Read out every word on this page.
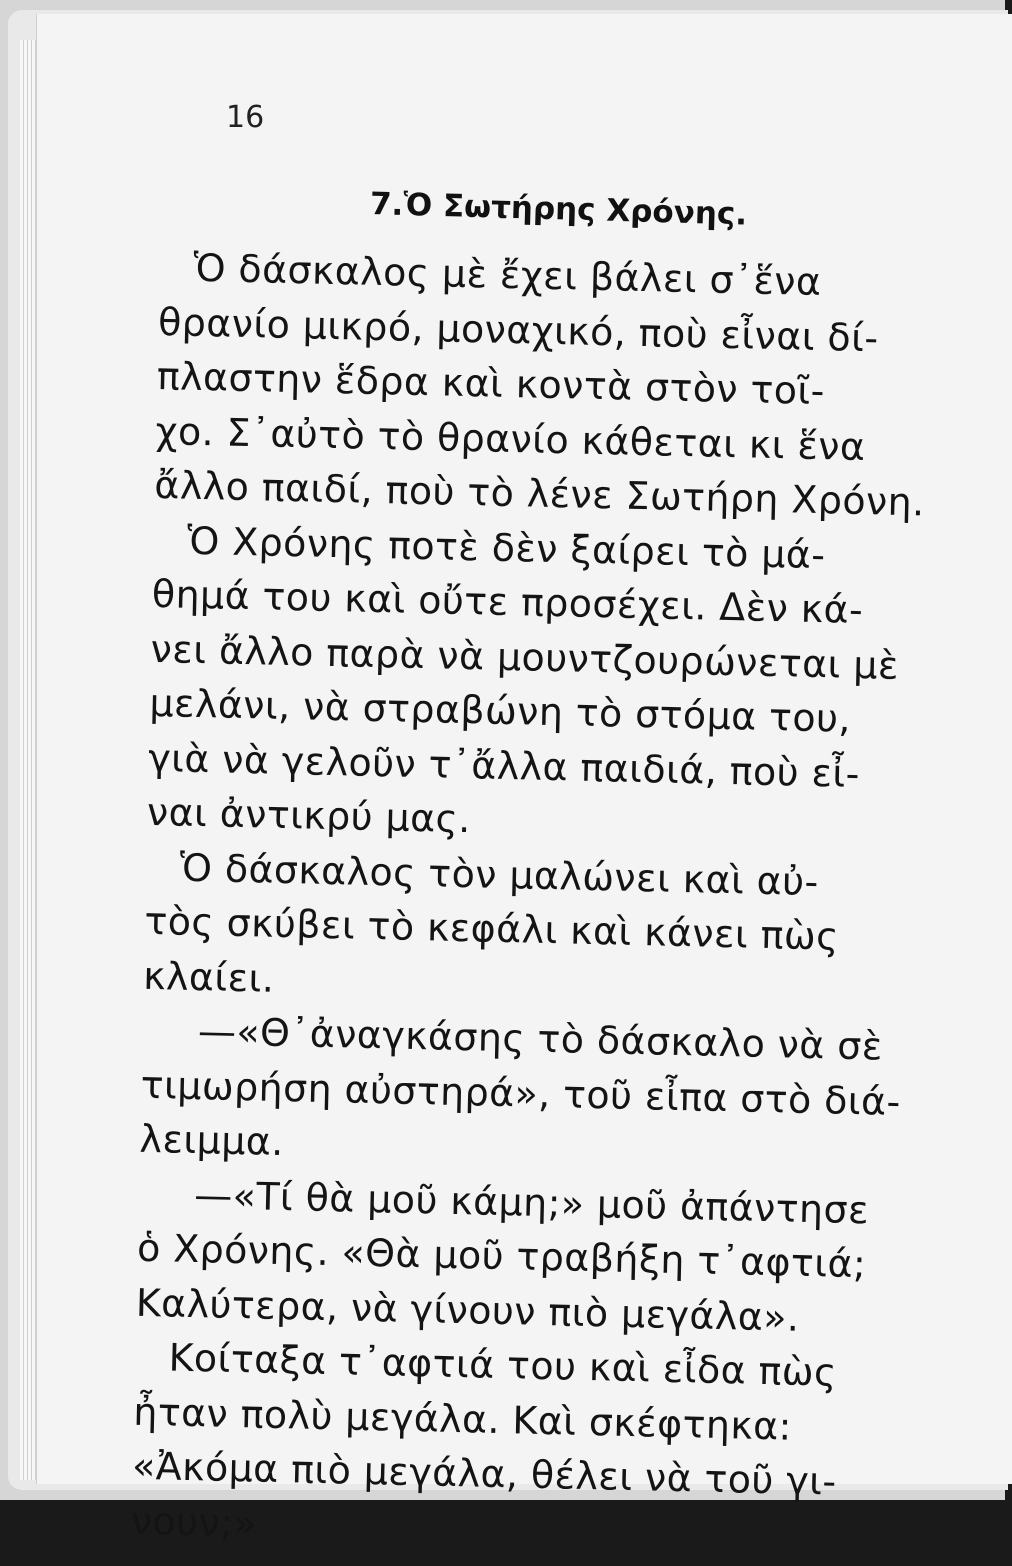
16
7.Ὁ Σωτήρης Χρόνης.
Ὁ δάσκαλος μὲ ἔχει βάλει σ᾽ἕνα
θρανίο μικρό, μοναχικό, ποὺ εἶναι δί-
πλαστην ἕδρα καὶ κοντὰ στὸν τοῖ-
χο. Σ᾽αὐτὸ τὸ θρανίο κάθεται κι ἕνα
ἄλλο παιδί, ποὺ τὸ λένε Σωτήρη Χρόνη.
Ὁ Χρόνης ποτὲ δὲν ξαίρει τὸ μά-
θημά του καὶ οὔτε προσέχει. Δὲν κά-
νει ἄλλο παρὰ νὰ μουντζουρώνεται μὲ
μελάνι, νὰ στραβώνη τὸ στόμα του,
γιὰ νὰ γελοῦν τ᾽ἄλλα παιδιά, ποὺ εἶ-
ναι ἀντικρύ μας.
Ὁ δάσκαλος τὸν μαλώνει καὶ αὐ-
τὸς σκύβει τὸ κεφάλι καὶ κάνει πὼς
κλαίει.
—«Θ᾽ἀναγκάσης τὸ δάσκαλο νὰ σὲ
τιμωρήση αὐστηρά», τοῦ εἶπα στὸ διά-
λειμμα.
—«Τί θὰ μοῦ κάμη;» μοῦ ἀπάντησε
ὁ Χρόνης. «Θὰ μοῦ τραβήξη τ᾽αφτιά;
Καλύτερα, νὰ γίνουν πιὸ μεγάλα».
Κοίταξα τ᾽αφτιά του καὶ εἶδα πὼς
ἦταν πολὺ μεγάλα. Καὶ σκέφτηκα:
«Ἀκόμα πιὸ μεγάλα, θέλει νὰ τοῦ γι-
νουν;»
